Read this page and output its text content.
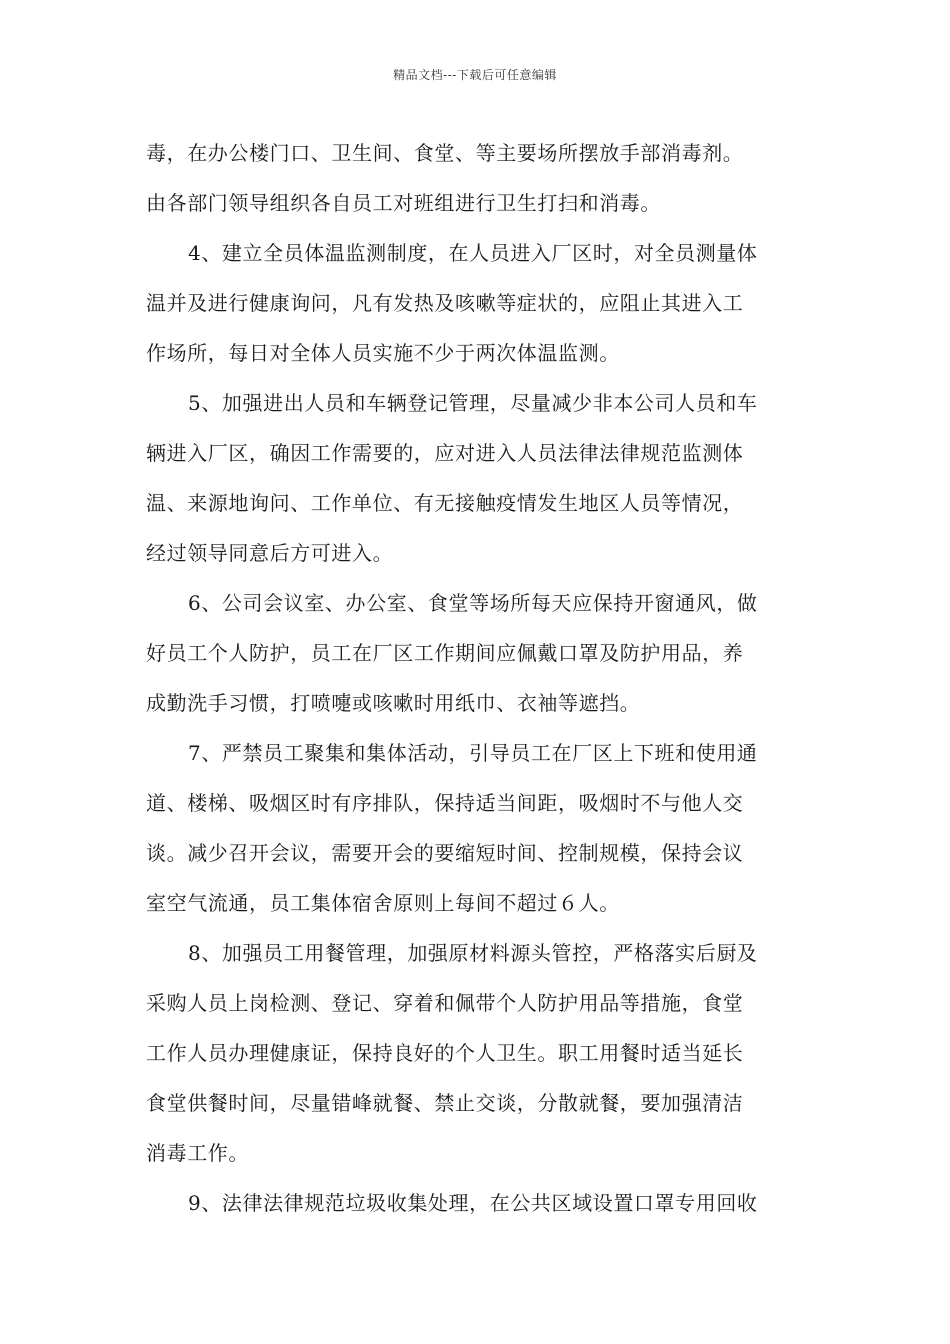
精品文档---下载后可任意编辑
毒，在办公楼门口、卫生间、食堂、等主要场所摆放手部消毒剂。
由各部门领导组织各自员工对班组进行卫生打扫和消毒。
4、建立全员体温监测制度，在人员进入厂区时，对全员测量体
温并及进行健康询问，凡有发热及咳嗽等症状的，应阻止其进入工
作场所，每日对全体人员实施不少于两次体温监测。
5、加强进出人员和车辆登记管理，尽量减少非本公司人员和车
辆进入厂区，确因工作需要的，应对进入人员法律法律规范监测体
温、来源地询问、工作单位、有无接触疫情发生地区人员等情况，
经过领导同意后方可进入。
6、公司会议室、办公室、食堂等场所每天应保持开窗通风，做
好员工个人防护，员工在厂区工作期间应佩戴口罩及防护用品，养
成勤洗手习惯，打喷嚏或咳嗽时用纸巾、衣袖等遮挡。
7、严禁员工聚集和集体活动，引导员工在厂区上下班和使用通
道、楼梯、吸烟区时有序排队，保持适当间距，吸烟时不与他人交
谈。减少召开会议，需要开会的要缩短时间、控制规模，保持会议
室空气流通，员工集体宿舍原则上每间不超过６人。
8、加强员工用餐管理，加强原材料源头管控，严格落实后厨及
采购人员上岗检测、登记、穿着和佩带个人防护用品等措施，食堂
工作人员办理健康证，保持良好的个人卫生。职工用餐时适当延长
食堂供餐时间，尽量错峰就餐、禁止交谈，分散就餐，要加强清洁
消毒工作。
9、法律法律规范垃圾收集处理，在公共区域设置口罩专用回收
